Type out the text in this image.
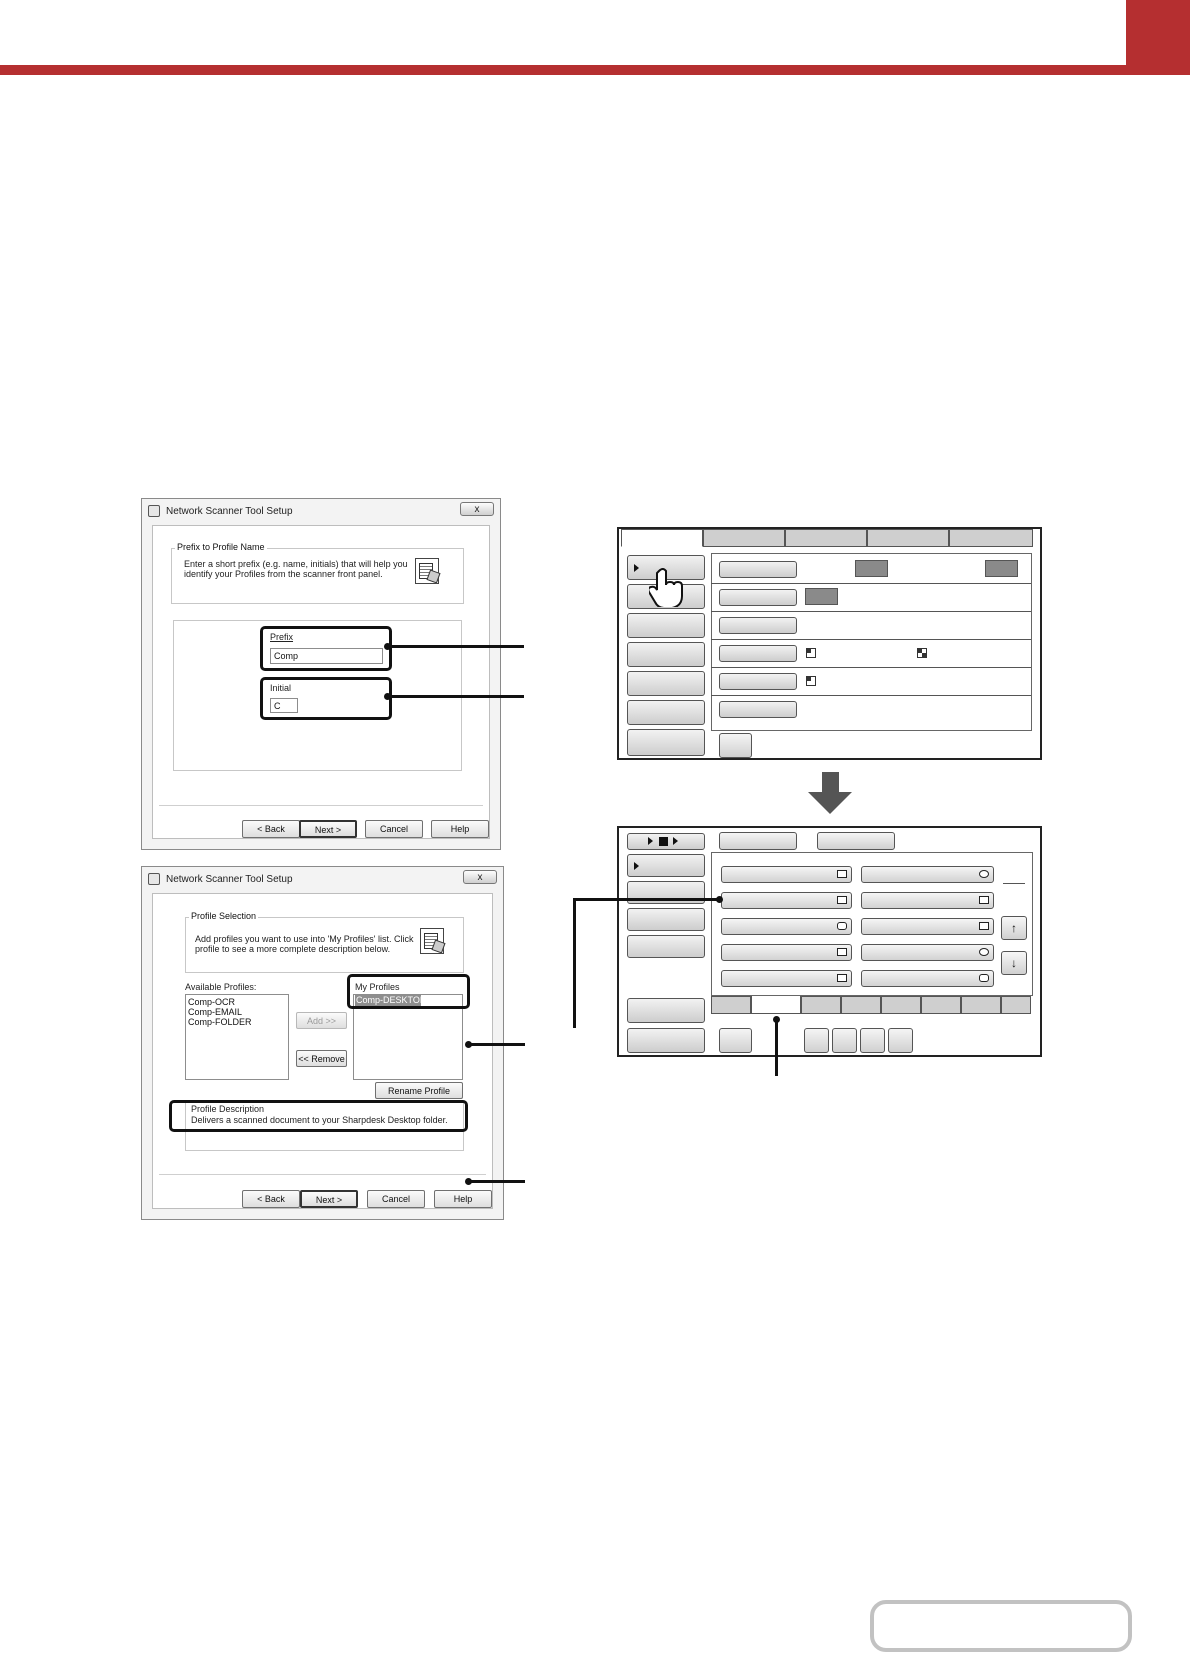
Network Scanner Tool Setup	x
Prefix to Profile Name
Enter a short prefix (e.g. name, initials) that will help you
identify your Profiles from the scanner front panel.
Prefix
Comp
Initial
C
< Back	Next >	Cancel	Help
Network Scanner Tool Setup	x
Profile Selection
Add profiles you want to use into 'My Profiles' list. Click
profile to see a more complete description below.
Available Profiles:
Comp-OCR
Comp-EMAIL
Comp-FOLDER	Add >>
<< Remove
My Profiles
Comp-DESKTOP
Rename Profile
Profile Description
Delivers a scanned document to your Sharpdesk Desktop folder.
< Back	Next >	Cancel	Help
↑
↓
